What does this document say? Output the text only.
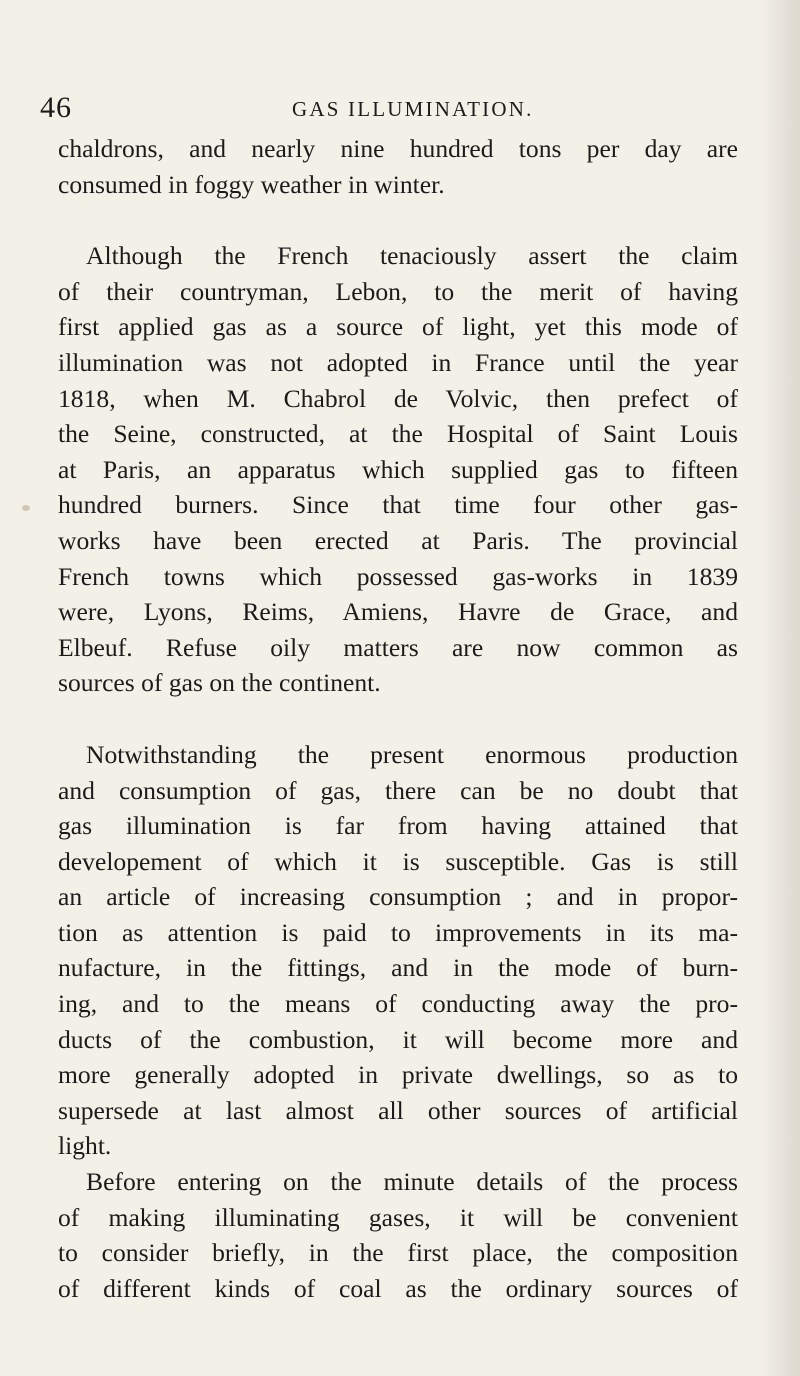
46	GAS ILLUMINATION.
chaldrons, and nearly nine hundred tons per day are
consumed in foggy weather in winter.
Although the French tenaciously assert the claim
of their countryman, Lebon, to the merit of having
first applied gas as a source of light, yet this mode of
illumination was not adopted in France until the year
1818, when M. Chabrol de Volvic, then prefect of
the Seine, constructed, at the Hospital of Saint Louis
at Paris, an apparatus which supplied gas to fifteen
hundred burners. Since that time four other gas-
works have been erected at Paris. The provincial
French towns which possessed gas-works in 1839
were, Lyons, Reims, Amiens, Havre de Grace, and
Elbeuf. Refuse oily matters are now common as
sources of gas on the continent.
Notwithstanding the present enormous production
and consumption of gas, there can be no doubt that
gas illumination is far from having attained that
developement of which it is susceptible. Gas is still
an article of increasing consumption ; and in propor-
tion as attention is paid to improvements in its ma-
nufacture, in the fittings, and in the mode of burn-
ing, and to the means of conducting away the pro-
ducts of the combustion, it will become more and
more generally adopted in private dwellings, so as to
supersede at last almost all other sources of artificial
light.
Before entering on the minute details of the process
of making illuminating gases, it will be convenient
to consider briefly, in the first place, the composition
of different kinds of coal as the ordinary sources of
